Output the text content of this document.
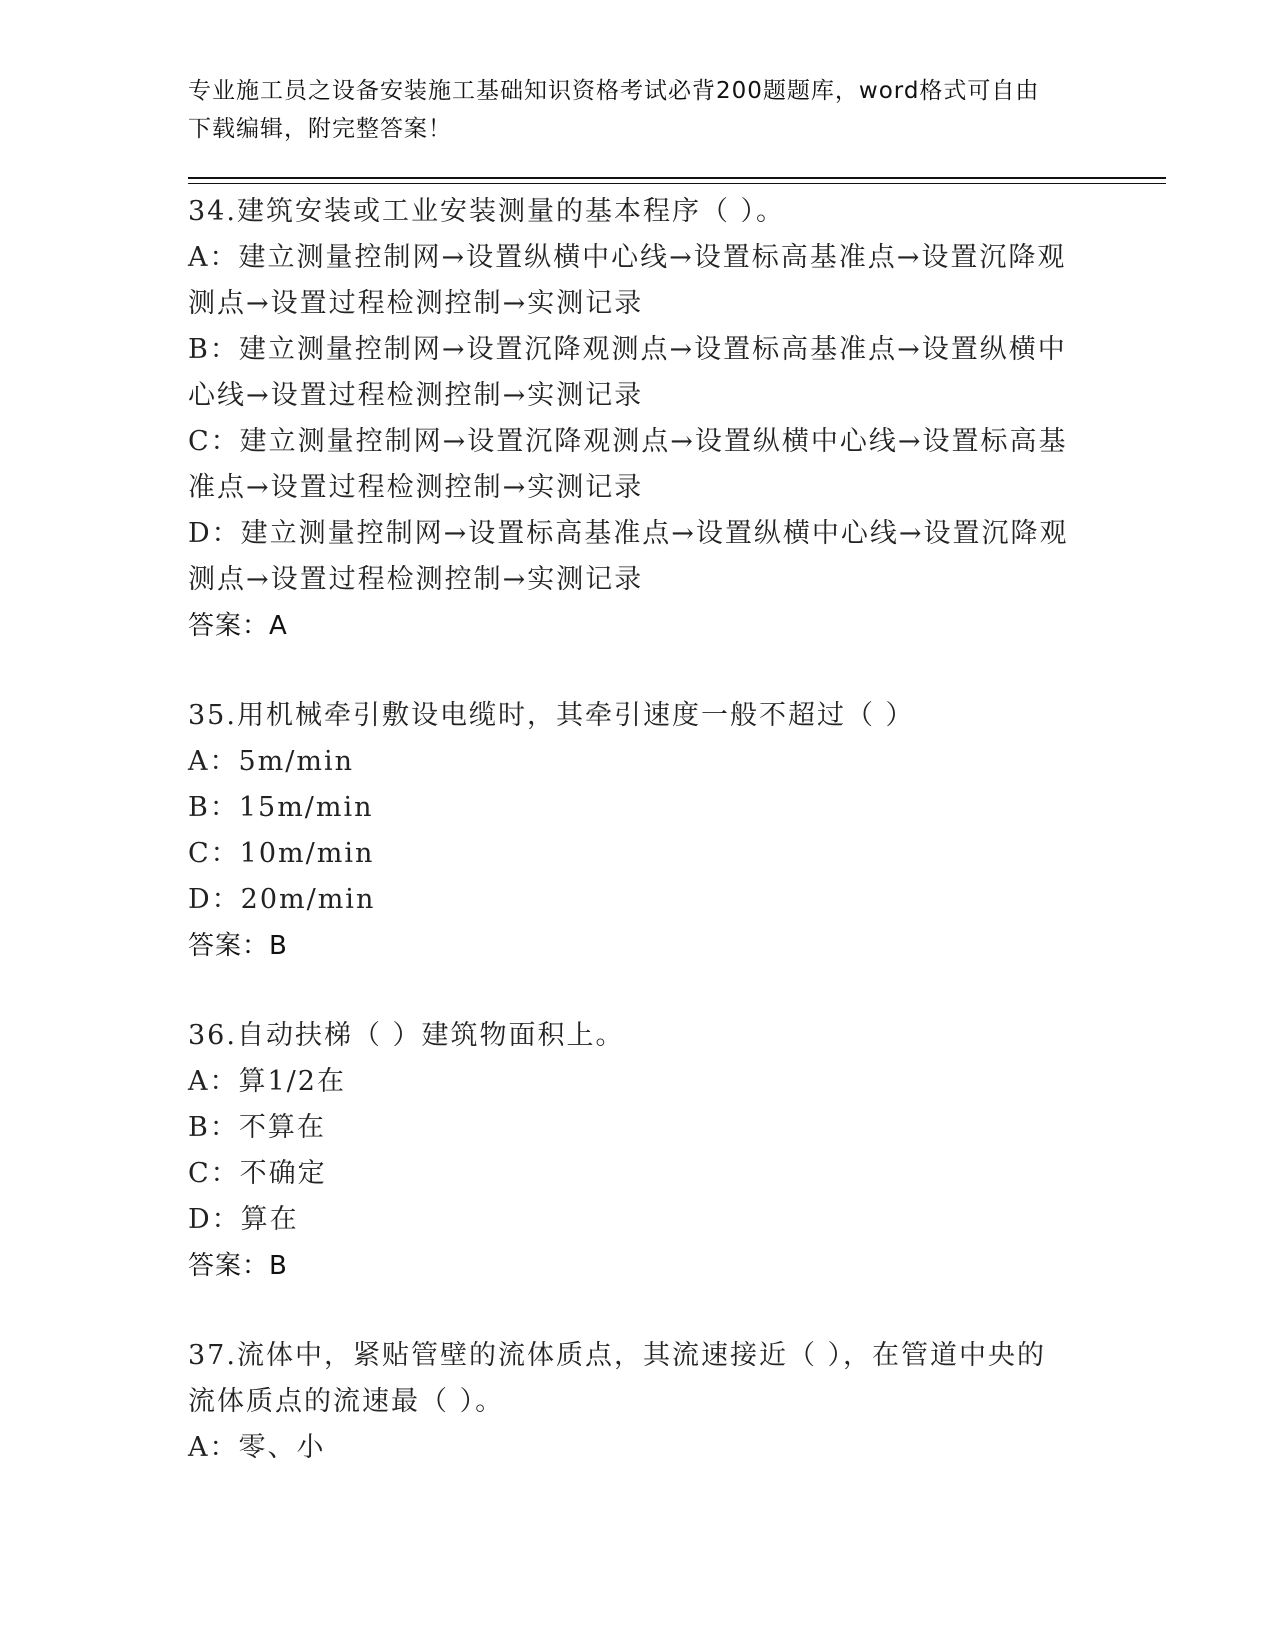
专业施工员之设备安装施工基础知识资格考试必背200题题库，word格式可自由
下载编辑，附完整答案！
34.建筑安装或工业安装测量的基本程序（ ）。
A：建立测量控制网→设置纵横中心线→设置标高基准点→设置沉降观
测点→设置过程检测控制→实测记录
B：建立测量控制网→设置沉降观测点→设置标高基准点→设置纵横中
心线→设置过程检测控制→实测记录
C：建立测量控制网→设置沉降观测点→设置纵横中心线→设置标高基
准点→设置过程检测控制→实测记录
D：建立测量控制网→设置标高基准点→设置纵横中心线→设置沉降观
测点→设置过程检测控制→实测记录
答案：A
35.用机械牵引敷设电缆时，其牵引速度一般不超过（ ）
A：5m/min
B：15m/min
C：10m/min
D：20m/min
答案：B
36.自动扶梯（ ）建筑物面积上。
A：算1/2在
B：不算在
C：不确定
D：算在
答案：B
37.流体中，紧贴管壁的流体质点，其流速接近（ ），在管道中央的
流体质点的流速最（ ）。
A：零、小
